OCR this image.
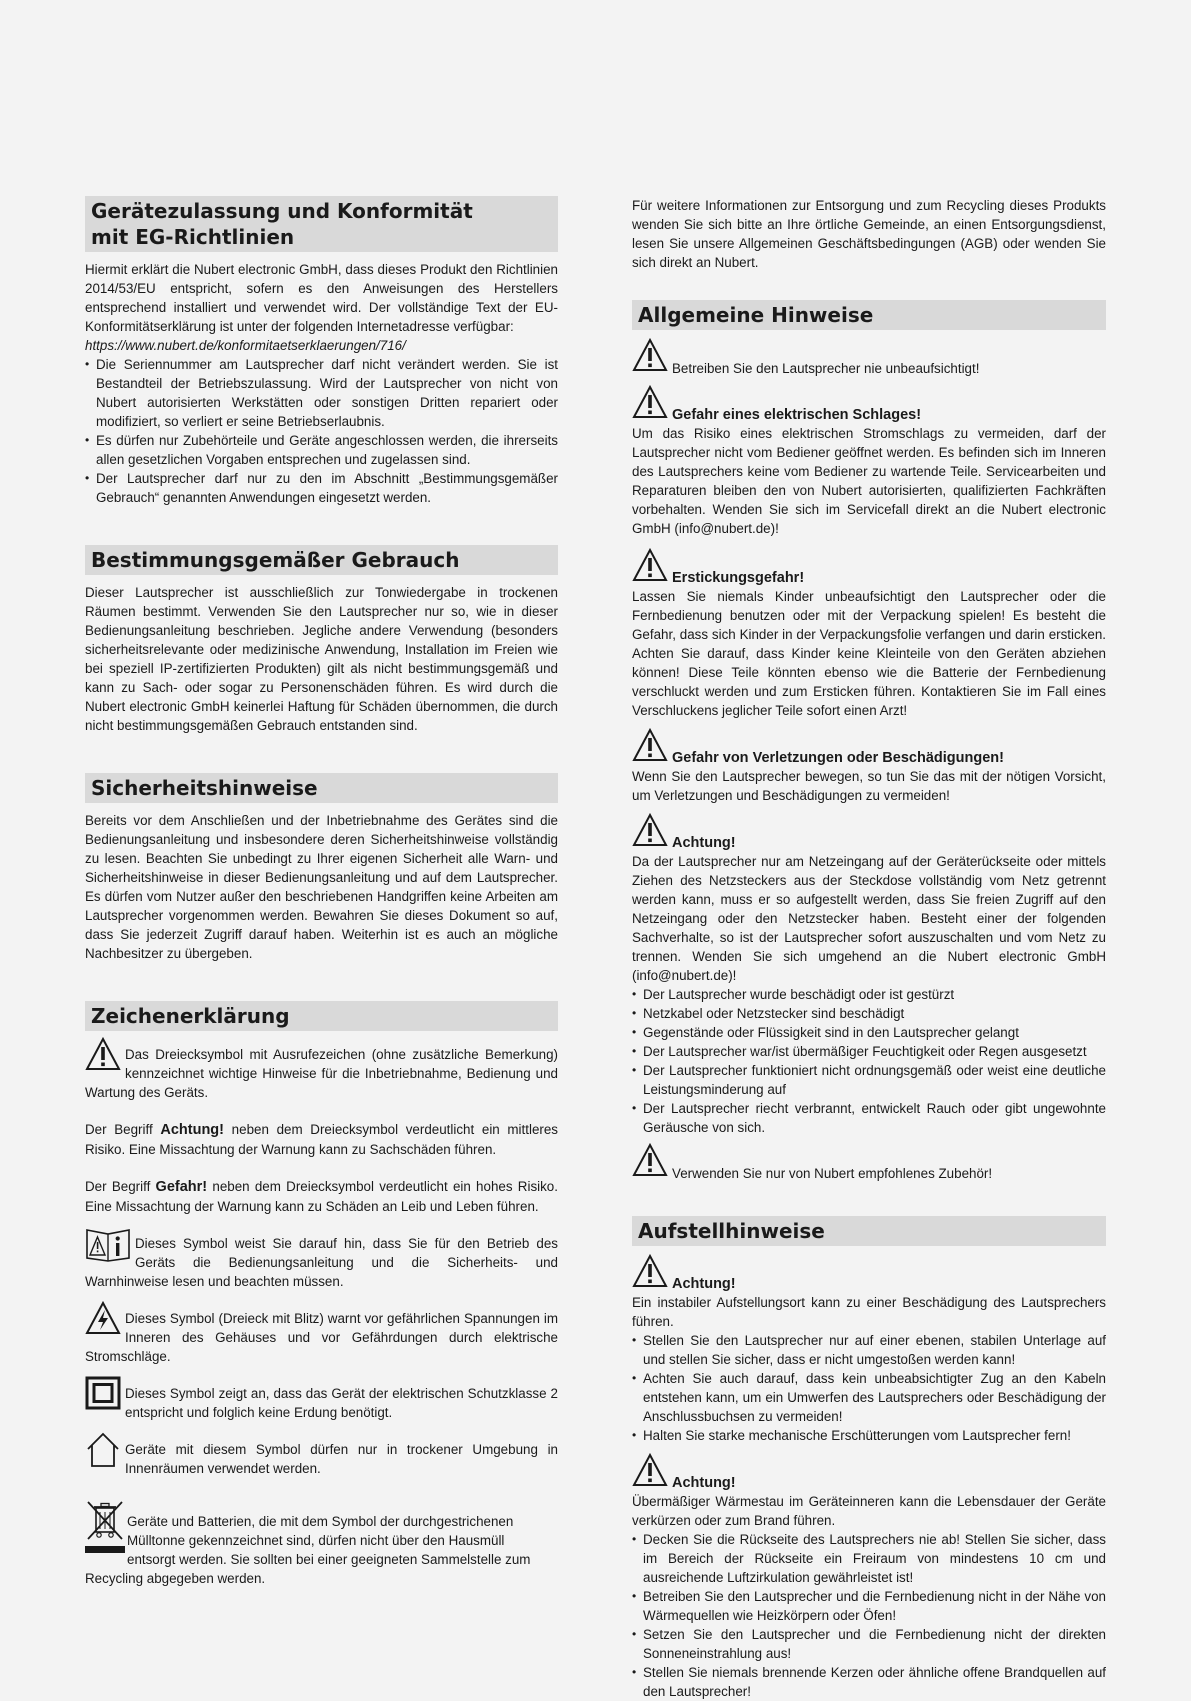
Gerätezulassung und Konformität
mit EG-Richtlinien

Hiermit erklärt die Nubert electronic GmbH, dass dieses Produkt den Richtlinien 2014/53/EU entspricht, sofern es den Anweisungen des Herstellers entsprechend installiert und verwendet wird. Der vollständige Text der EU-Konformitätserklärung ist unter der folgenden Internetadresse verfügbar:

https://www.nubert.de/konformitaetserklaerungen/716/

• Die Seriennummer am Lautsprecher darf nicht verändert werden. Sie ist Bestandteil der Betriebszulassung. Wird der Lautsprecher von nicht von Nubert autorisierten Werkstätten oder sonstigen Dritten repariert oder modifiziert, so verliert er seine Betriebserlaubnis.
• Es dürfen nur Zubehörteile und Geräte angeschlossen werden, die ihrerseits allen gesetzlichen Vorgaben entsprechen und zugelassen sind.
• Der Lautsprecher darf nur zu den im Abschnitt „Bestimmungsgemäßer Gebrauch“ genannten Anwendungen eingesetzt werden.
Bestimmungsgemäßer Gebrauch

Dieser Lautsprecher ist ausschließlich zur Tonwiedergabe in trockenen Räumen bestimmt. Verwenden Sie den Lautsprecher nur so, wie in dieser Bedienungsanleitung beschrieben. Jegliche andere Verwendung (besonders sicherheitsrelevante oder medizinische Anwendung, Installation im Freien wie bei speziell IP-zertifizierten Produkten) gilt als nicht bestimmungsgemäß und kann zu Sach- oder sogar zu Personenschäden führen. Es wird durch die Nubert electronic GmbH keinerlei Haftung für Schäden übernommen, die durch nicht bestimmungsgemäßen Gebrauch entstanden sind.

Sicherheitshinweise

Bereits vor dem Anschließen und der Inbetriebnahme des Gerätes sind die Bedienungsanleitung und insbesondere deren Sicherheitshinweise vollständig zu lesen. Beachten Sie unbedingt zu Ihrer eigenen Sicherheit alle Warn- und Sicherheitshinweise in dieser Bedienungsanleitung und auf dem Lautsprecher. Es dürfen vom Nutzer außer den beschriebenen Handgriffen keine Arbeiten am Lautsprecher vorgenommen werden. Bewahren Sie dieses Dokument so auf, dass Sie jederzeit Zugriff darauf haben. Weiterhin ist es auch an mögliche Nachbesitzer zu übergeben.

Zeichenerklärung

Das Dreiecksymbol mit Ausrufezeichen (ohne zusätzliche Bemerkung) kennzeichnet wichtige Hinweise für die Inbetriebnahme, Bedienung und Wartung des Geräts.

Der Begriff Achtung! neben dem Dreiecksymbol verdeutlicht ein mittleres Risiko. Eine Missachtung der Warnung kann zu Sachschäden führen.

Der Begriff Gefahr! neben dem Dreiecksymbol verdeutlicht ein hohes Risiko. Eine Missachtung der Warnung kann zu Schäden an Leib und Leben führen.

Dieses Symbol weist Sie darauf hin, dass Sie für den Betrieb des Geräts die Bedienungsanleitung und die Sicherheits- und Warnhinweise lesen und beachten müssen.

Dieses Symbol (Dreieck mit Blitz) warnt vor gefährlichen Spannungen im Inneren des Gehäuses und vor Gefährdungen durch elektrische Stromschläge.

Dieses Symbol zeigt an, dass das Gerät der elektrischen Schutzklasse 2 entspricht und folglich keine Erdung benötigt.

Geräte mit diesem Symbol dürfen nur in trockener Umgebung in Innenräumen verwendet werden.

Geräte und Batterien, die mit dem Symbol der durchgestrichenen

Mülltonne gekennzeichnet sind, dürfen nicht über den Hausmüll

entsorgt werden. Sie sollten bei einer geeigneten Sammelstelle zum

Recycling abgegeben werden.

Für weitere Informationen zur Entsorgung und zum Recycling dieses Produkts wenden Sie sich bitte an Ihre örtliche Gemeinde, an einen Entsorgungsdienst, lesen Sie unsere Allgemeinen Geschäftsbedingungen (AGB) oder wenden Sie sich direkt an Nubert.

Allgemeine Hinweise
Betreiben Sie den Lautsprecher nie unbeaufsichtigt!
Gefahr eines elektrischen Schlages!

Um das Risiko eines elektrischen Stromschlags zu vermeiden, darf der Lautsprecher nicht vom Bediener geöffnet werden. Es befinden sich im Inneren des Lautsprechers keine vom Bediener zu wartende Teile. Servicearbeiten und Reparaturen bleiben den von Nubert autorisierten, qualifizierten Fachkräften vorbehalten. Wenden Sie sich im Servicefall direkt an die Nubert electronic GmbH (info@nubert.de)!

Erstickungsgefahr!

Lassen Sie niemals Kinder unbeaufsichtigt den Lautsprecher oder die Fernbedienung benutzen oder mit der Verpackung spielen! Es besteht die Gefahr, dass sich Kinder in der Verpackungsfolie verfangen und darin ersticken. Achten Sie darauf, dass Kinder keine Kleinteile von den Geräten abziehen können! Diese Teile könnten ebenso wie die Batterie der Fernbedienung verschluckt werden und zum Ersticken führen. Kontaktieren Sie im Fall eines Verschluckens jeglicher Teile sofort einen Arzt!

Gefahr von Verletzungen oder Beschädigungen!

Wenn Sie den Lautsprecher bewegen, so tun Sie das mit der nötigen Vorsicht, um Verletzungen und Beschädigungen zu vermeiden!

Achtung!

Da der Lautsprecher nur am Netzeingang auf der Geräterückseite oder mittels Ziehen des Netzsteckers aus der Steckdose vollständig vom Netz getrennt werden kann, muss er so aufgestellt werden, dass Sie freien Zugriff auf den Netzeingang oder den Netzstecker haben. Besteht einer der folgenden Sachverhalte, so ist der Lautsprecher sofort auszuschalten und vom Netz zu trennen. Wenden Sie sich umgehend an die Nubert electronic GmbH (info@nubert.de)!

• Der Lautsprecher wurde beschädigt oder ist gestürzt
• Netzkabel oder Netzstecker sind beschädigt
• Gegenstände oder Flüssigkeit sind in den Lautsprecher gelangt
• Der Lautsprecher war/ist übermäßiger Feuchtigkeit oder Regen ausgesetzt
• Der Lautsprecher funktioniert nicht ordnungsgemäß oder weist eine deutliche Leistungsminderung auf
• Der Lautsprecher riecht verbrannt, entwickelt Rauch oder gibt ungewohnte Geräusche von sich.
Verwenden Sie nur von Nubert empfohlenes Zubehör!
Aufstellhinweise
Achtung!

Ein instabiler Aufstellungsort kann zu einer Beschädigung des Lautsprechers führen.

• Stellen Sie den Lautsprecher nur auf einer ebenen, stabilen Unterlage auf und stellen Sie sicher, dass er nicht umgestoßen werden kann!
• Achten Sie auch darauf, dass kein unbeabsichtigter Zug an den Kabeln entstehen kann, um ein Umwerfen des Lautsprechers oder Beschädigung der Anschlussbuchsen zu vermeiden!
• Halten Sie starke mechanische Erschütterungen vom Lautsprecher fern!
Achtung!

Übermäßiger Wärmestau im Geräteinneren kann die Lebensdauer der Geräte verkürzen oder zum Brand führen.

• Decken Sie die Rückseite des Lautsprechers nie ab! Stellen Sie sicher, dass im Bereich der Rückseite ein Freiraum von mindestens 10 cm und ausreichende Luftzirkulation gewährleistet ist!
• Betreiben Sie den Lautsprecher und die Fernbedienung nicht in der Nähe von Wärmequellen wie Heizkörpern oder Öfen!
• Setzen Sie den Lautsprecher und die Fernbedienung nicht der direkten Sonneneinstrahlung aus!
• Stellen Sie niemals brennende Kerzen oder ähnliche offene Brandquellen auf den Lautsprecher!
